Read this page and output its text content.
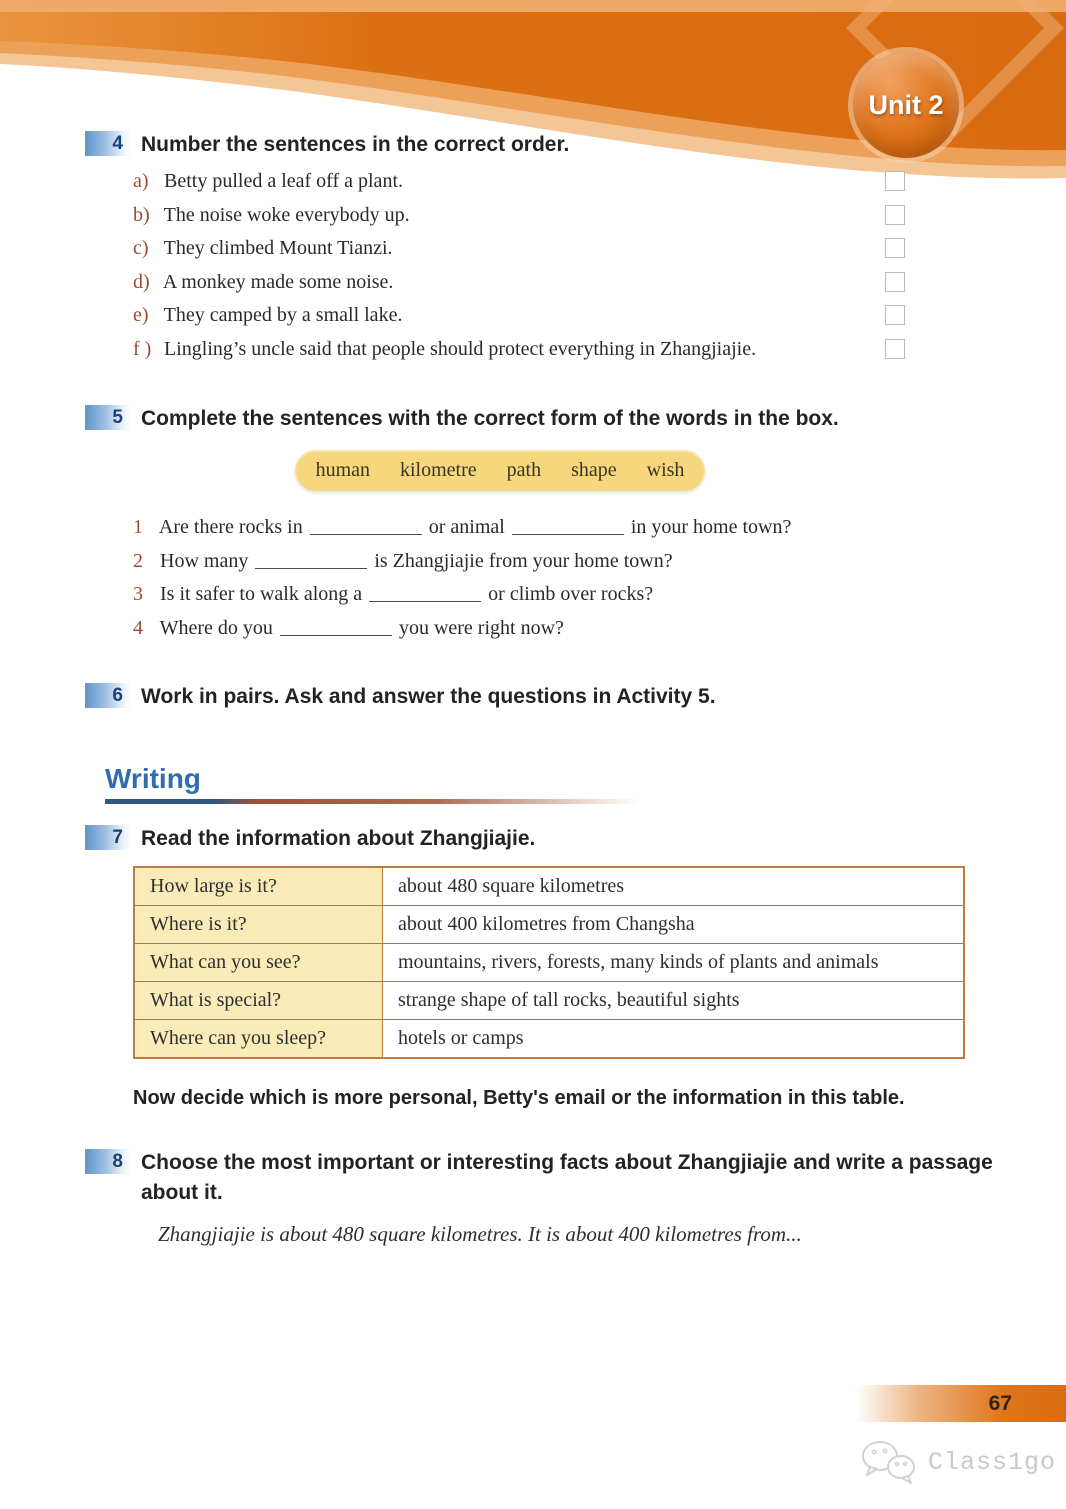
Unit 2
4 Number the sentences in the correct order.
a) Betty pulled a leaf off a plant.
b) The noise woke everybody up.
c) They climbed Mount Tianzi.
d) A monkey made some noise.
e) They camped by a small lake.
f ) Lingling’s uncle said that people should protect everything in Zhangjiajie.
5 Complete the sentences with the correct form of the words in the box.
human kilometre path shape wish
1 Are there rocks in	or animal	in your home town?
2 How many	is Zhangjiajie from your home town?
3 Is it safer to walk along a	or climb over rocks?
4 Where do you	you were right now?
6 Work in pairs. Ask and answer the questions in Activity 5.
Writing
7 Read the information about Zhangjiajie.
How large is it?	about 480 square kilometres
Where is it?	about 400 kilometres from Changsha
What can you see?	mountains, rivers, forests, many kinds of plants and animals
What is special?	strange shape of tall rocks, beautiful sights
Where can you sleep?	hotels or camps
Now decide which is more personal, Betty's email or the information in this table.
8 Choose the most important or interesting facts about Zhangjiajie and write a passage about it.
Zhangjiajie is about 480 square kilometres. It is about 400 kilometres from...
67
Class1go
